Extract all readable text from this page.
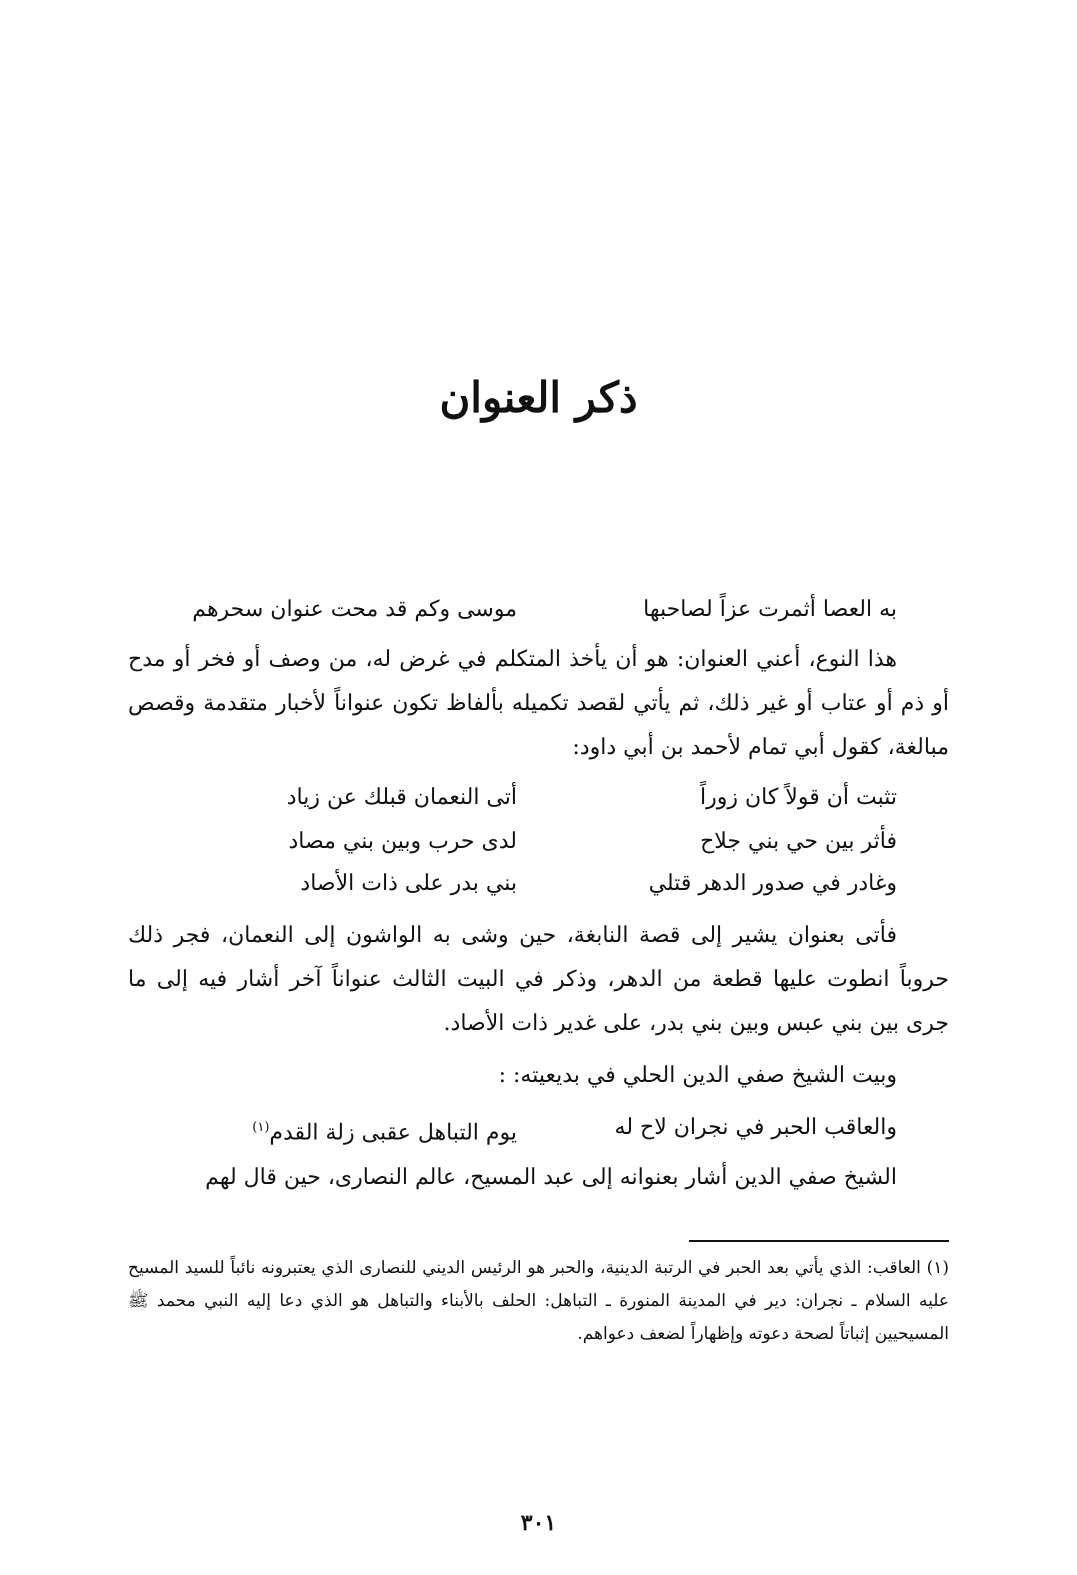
ذكر العنوان
به العصا أثمرت عزاً لصاحبها
موسى وكم قد محت عنوان سحرهم

هذا النوع، أعني العنوان: هو أن يأخذ المتكلم في غرض له، من وصف أو فخر أو مدح أو ذم أو عتاب أو غير ذلك، ثم يأتي لقصد تكميله بألفاظ تكون عنواناً لأخبار متقدمة وقصص مبالغة، كقول أبي تمام لأحمد بن أبي داود:

تثبت أن قولاً كان زوراً
أتى النعمان قبلك عن زياد
فأثر بين حي بني جلاح
لدى حرب وبين بني مصاد
وغادر في صدور الدهر قتلي
بني بدر على ذات الأصاد

فأتى بعنوان يشير إلى قصة النابغة، حين وشى به الواشون إلى النعمان، فجر ذلك حروباً انطوت عليها قطعة من الدهر، وذكر في البيت الثالث عنواناً آخر أشار فيه إلى ما جرى بين بني عبس وبين بني بدر، على غدير ذات الأصاد.

وبيت الشيخ صفي الدين الحلي في بديعيته: :

والعاقب الحبر في نجران لاح له
يوم التباهل عقبى زلة القدم$^{(١)}$

الشيخ صفي الدين أشار بعنوانه إلى عبد المسيح، عالم النصارى، حين قال لهم

(١) العاقب: الذي يأتي بعد الحبر في الرتبة الدينية، والحبر هو الرئيس الديني للنصارى الذي يعتبرونه نائباً للسيد المسيح عليه السلام ـ نجران: دير في المدينة المنورة ـ التباهل: الحلف بالأبناء والتباهل هو الذي دعا إليه النبي محمد ﷺ المسيحيين إثباتاً لصحة دعوته وإظهاراً لضعف دعواهم.

٣٠١
